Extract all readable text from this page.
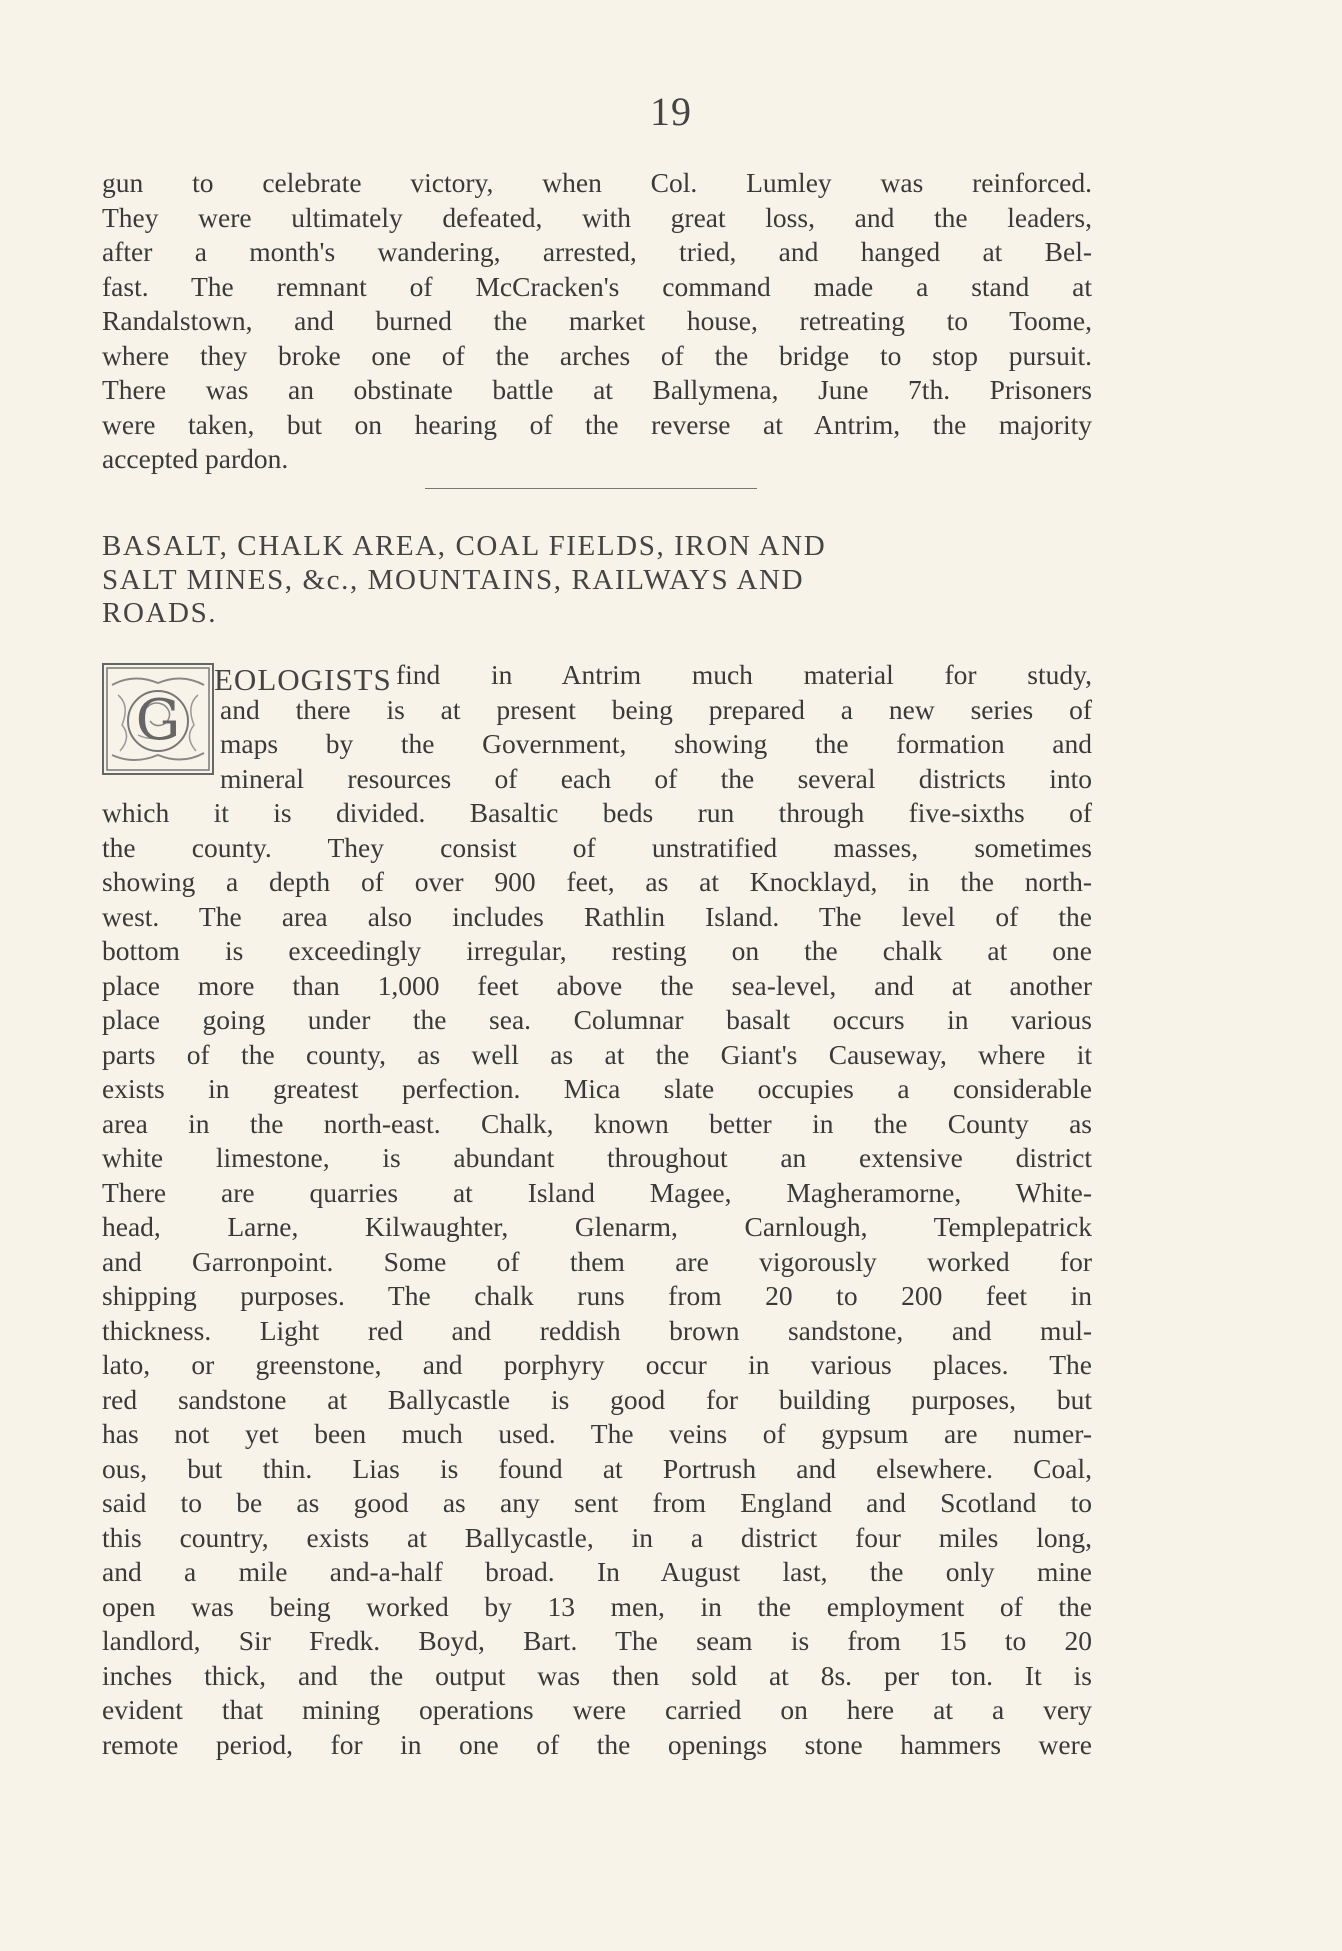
19
gun to celebrate victory, when Col. Lumley was reinforced.
They were ultimately defeated, with great loss, and the leaders,
after a month's wandering, arrested, tried, and hanged at Bel-
fast. The remnant of McCracken's command made a stand at
Randalstown, and burned the market house, retreating to Toome,
where they broke one of the arches of the bridge to stop pursuit.
There was an obstinate battle at Ballymena, June 7th. Prisoners
were taken, but on hearing of the reverse at Antrim, the majority
accepted pardon.
BASALT, CHALK AREA, COAL FIELDS, IRON AND
SALT MINES, &c., MOUNTAINS, RAILWAYS AND
ROADS.
G
EOLOGISTS find in Antrim much material for study,
and there is at present being prepared a new series of
maps by the Government, showing the formation and
mineral resources of each of the several districts into
which it is divided. Basaltic beds run through five-sixths of
the county. They consist of unstratified masses, sometimes
showing a depth of over 900 feet, as at Knocklayd, in the north-
west. The area also includes Rathlin Island. The level of the
bottom is exceedingly irregular, resting on the chalk at one
place more than 1,000 feet above the sea-level, and at another
place going under the sea. Columnar basalt occurs in various
parts of the county, as well as at the Giant's Causeway, where it
exists in greatest perfection. Mica slate occupies a considerable
area in the north-east. Chalk, known better in the County as
white limestone, is abundant throughout an extensive district
There are quarries at Island Magee, Magheramorne, White-
head, Larne, Kilwaughter, Glenarm, Carnlough, Templepatrick
and Garronpoint. Some of them are vigorously worked for
shipping purposes. The chalk runs from 20 to 200 feet in
thickness. Light red and reddish brown sandstone, and mul-
lato, or greenstone, and porphyry occur in various places. The
red sandstone at Ballycastle is good for building purposes, but
has not yet been much used. The veins of gypsum are numer-
ous, but thin. Lias is found at Portrush and elsewhere. Coal,
said to be as good as any sent from England and Scotland to
this country, exists at Ballycastle, in a district four miles long,
and a mile and-a-half broad. In August last, the only mine
open was being worked by 13 men, in the employment of the
landlord, Sir Fredk. Boyd, Bart. The seam is from 15 to 20
inches thick, and the output was then sold at 8s. per ton. It is
evident that mining operations were carried on here at a very
remote period, for in one of the openings stone hammers were
